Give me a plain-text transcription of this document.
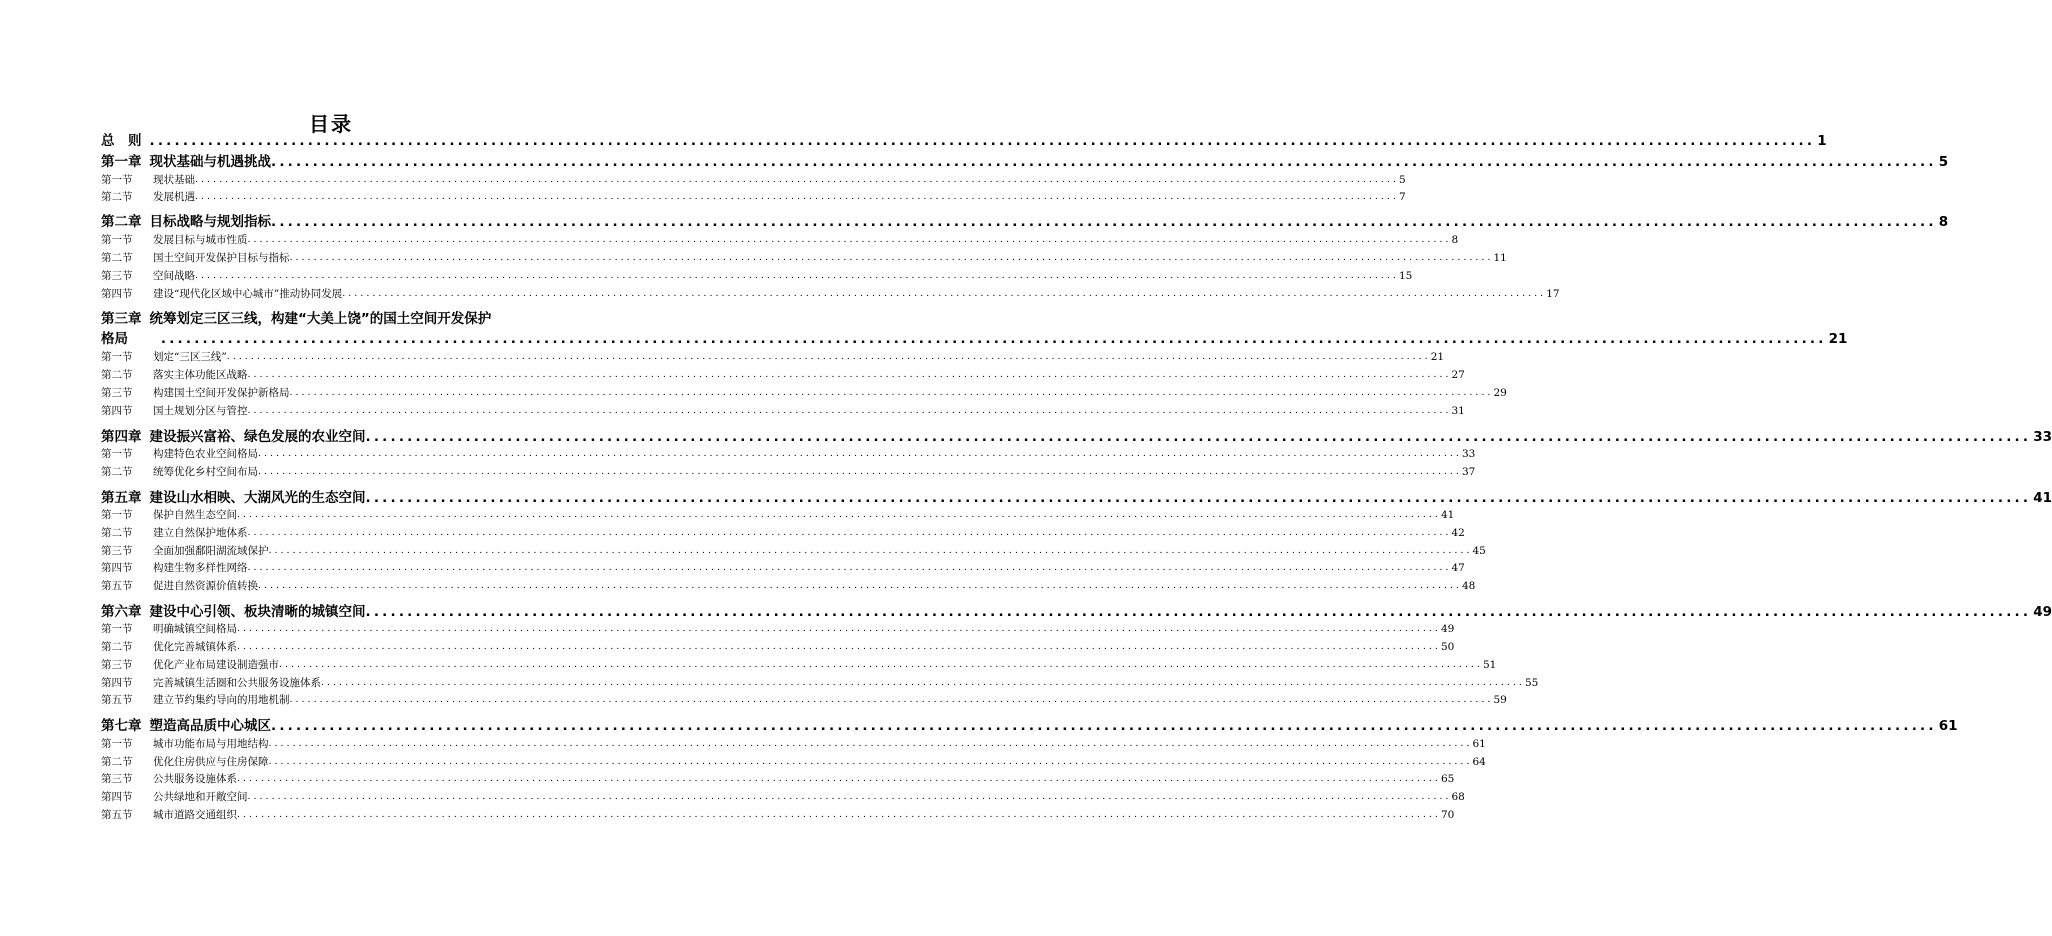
目录
总　则 ........................................................................................................................................................................................................ 1
第一章 现状基础与机遇挑战 ........................................................................................................................................................................................................ 5
第一节 现状基础 ........................................................................................................................................................................................................ 5
第二节 发展机遇 ........................................................................................................................................................................................................ 7
第二章 目标战略与规划指标 ........................................................................................................................................................................................................ 8
第一节 发展目标与城市性质 ........................................................................................................................................................................................................ 8
第二节 国土空间开发保护目标与指标 ........................................................................................................................................................................................................ 11
第三节 空间战略 ........................................................................................................................................................................................................ 15
第四节 建设“现代化区域中心城市”推动协同发展 ........................................................................................................................................................................................................ 17
第一节 划定“三区三线” ........................................................................................................................................................................................................ 21
第二节 落实主体功能区战略 ........................................................................................................................................................................................................ 27
第三节 构建国土空间开发保护新格局 ........................................................................................................................................................................................................ 29
第四节 国土规划分区与管控 ........................................................................................................................................................................................................ 31
第四章 建设振兴富裕、绿色发展的农业空间 ........................................................................................................................................................................................................ 33
第一节 构建特色农业空间格局 ........................................................................................................................................................................................................ 33
第二节 统筹优化乡村空间布局 ........................................................................................................................................................................................................ 37
第五章 建设山水相映、大湖风光的生态空间 ........................................................................................................................................................................................................ 41
第一节 保护自然生态空间 ........................................................................................................................................................................................................ 41
第二节 建立自然保护地体系 ........................................................................................................................................................................................................ 42
第三节 全面加强鄱阳湖流域保护 ........................................................................................................................................................................................................ 45
第四节 构建生物多样性网络 ........................................................................................................................................................................................................ 47
第五节 促进自然资源价值转换 ........................................................................................................................................................................................................ 48
第六章 建设中心引领、板块清晰的城镇空间 ........................................................................................................................................................................................................ 49
第一节 明确城镇空间格局 ........................................................................................................................................................................................................ 49
第二节 优化完善城镇体系 ........................................................................................................................................................................................................ 50
第三节 优化产业布局建设制造强市 ........................................................................................................................................................................................................ 51
第四节 完善城镇生活圈和公共服务设施体系 ........................................................................................................................................................................................................ 55
第五节 建立节约集约导向的用地机制 ........................................................................................................................................................................................................ 59
第七章 塑造高品质中心城区 ........................................................................................................................................................................................................ 61
第一节 城市功能布局与用地结构 ........................................................................................................................................................................................................ 61
第二节 优化住房供应与住房保障 ........................................................................................................................................................................................................ 64
第三节 公共服务设施体系 ........................................................................................................................................................................................................ 65
第四节 公共绿地和开敞空间 ........................................................................................................................................................................................................ 68
第五节 城市道路交通组织 ........................................................................................................................................................................................................ 70
第三章 统筹划定三区三线，构建“大美上饶”的国土空间开发保护
格局	........................................................................................................................................................................................................ 21
